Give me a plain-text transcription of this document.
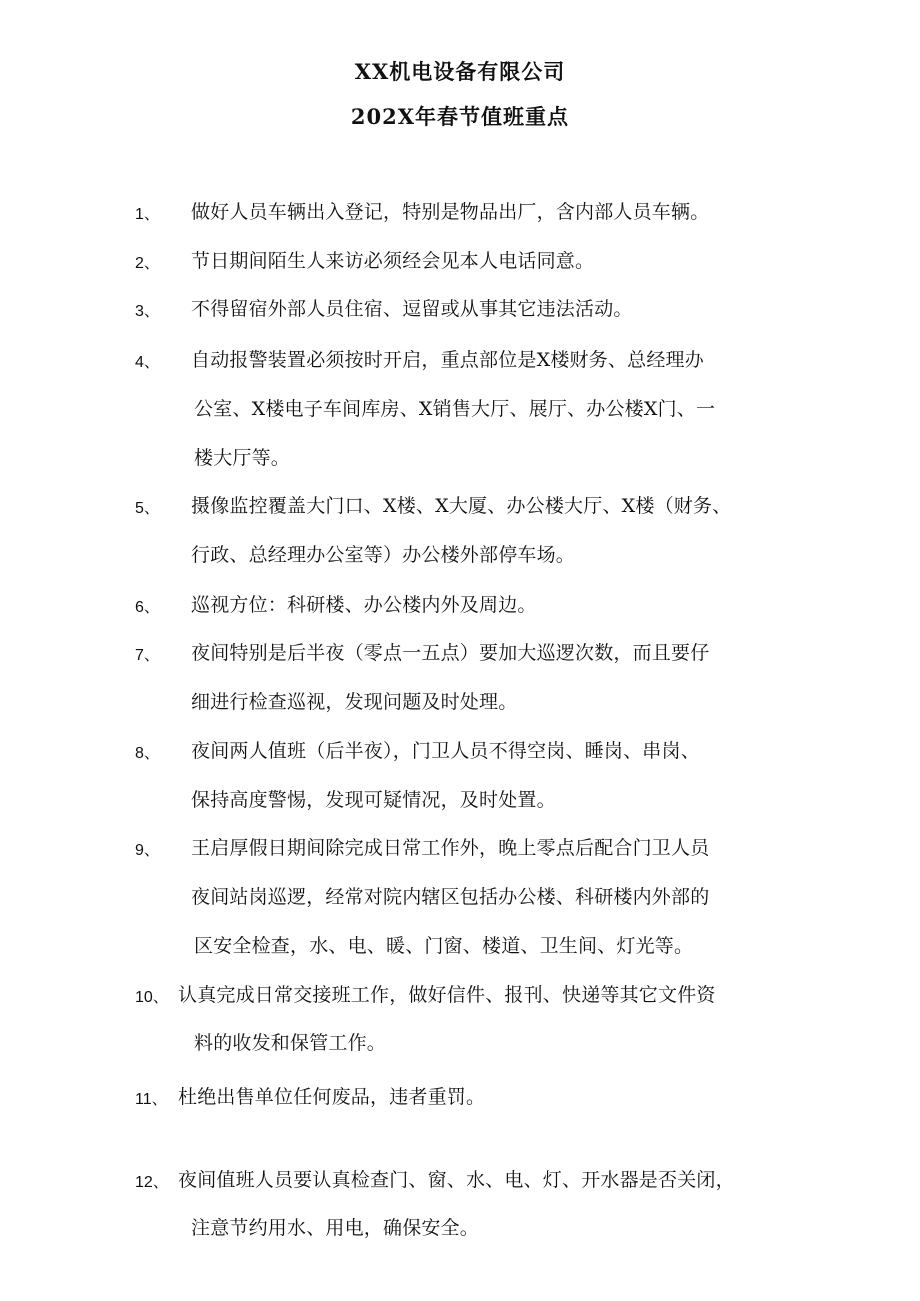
XX机电设备有限公司
202X年春节值班重点
1、 做好人员车辆出入登记，特别是物品出厂，含内部人员车辆。
2、 节日期间陌生人来访必须经会见本人电话同意。
3、 不得留宿外部人员住宿、逗留或从事其它违法活动。
4、 自动报警装置必须按时开启，重点部位是X楼财务、总经理办
公室、X楼电子车间库房、X销售大厅、展厅、办公楼X门、一
楼大厅等。
5、 摄像监控覆盖大门口、X楼、X大厦、办公楼大厅、X楼（财务、
行政、总经理办公室等）办公楼外部停车场。
6、 巡视方位：科研楼、办公楼内外及周边。
7、 夜间特别是后半夜（零点一五点）要加大巡逻次数，而且要仔
细进行检查巡视，发现问题及时处理。
8、 夜间两人值班（后半夜），门卫人员不得空岗、睡岗、串岗、
保持高度警惕，发现可疑情况，及时处置。
9、 王启厚假日期间除完成日常工作外，晚上零点后配合门卫人员
夜间站岗巡逻，经常对院内辖区包括办公楼、科研楼内外部的
区安全检查，水、电、暖、门窗、楼道、卫生间、灯光等。
10、 认真完成日常交接班工作，做好信件、报刊、快递等其它文件资
料的收发和保管工作。
11、 杜绝出售单位任何废品，违者重罚。
12、 夜间值班人员要认真检查门、窗、水、电、灯、开水器是否关闭，
注意节约用水、用电，确保安全。
